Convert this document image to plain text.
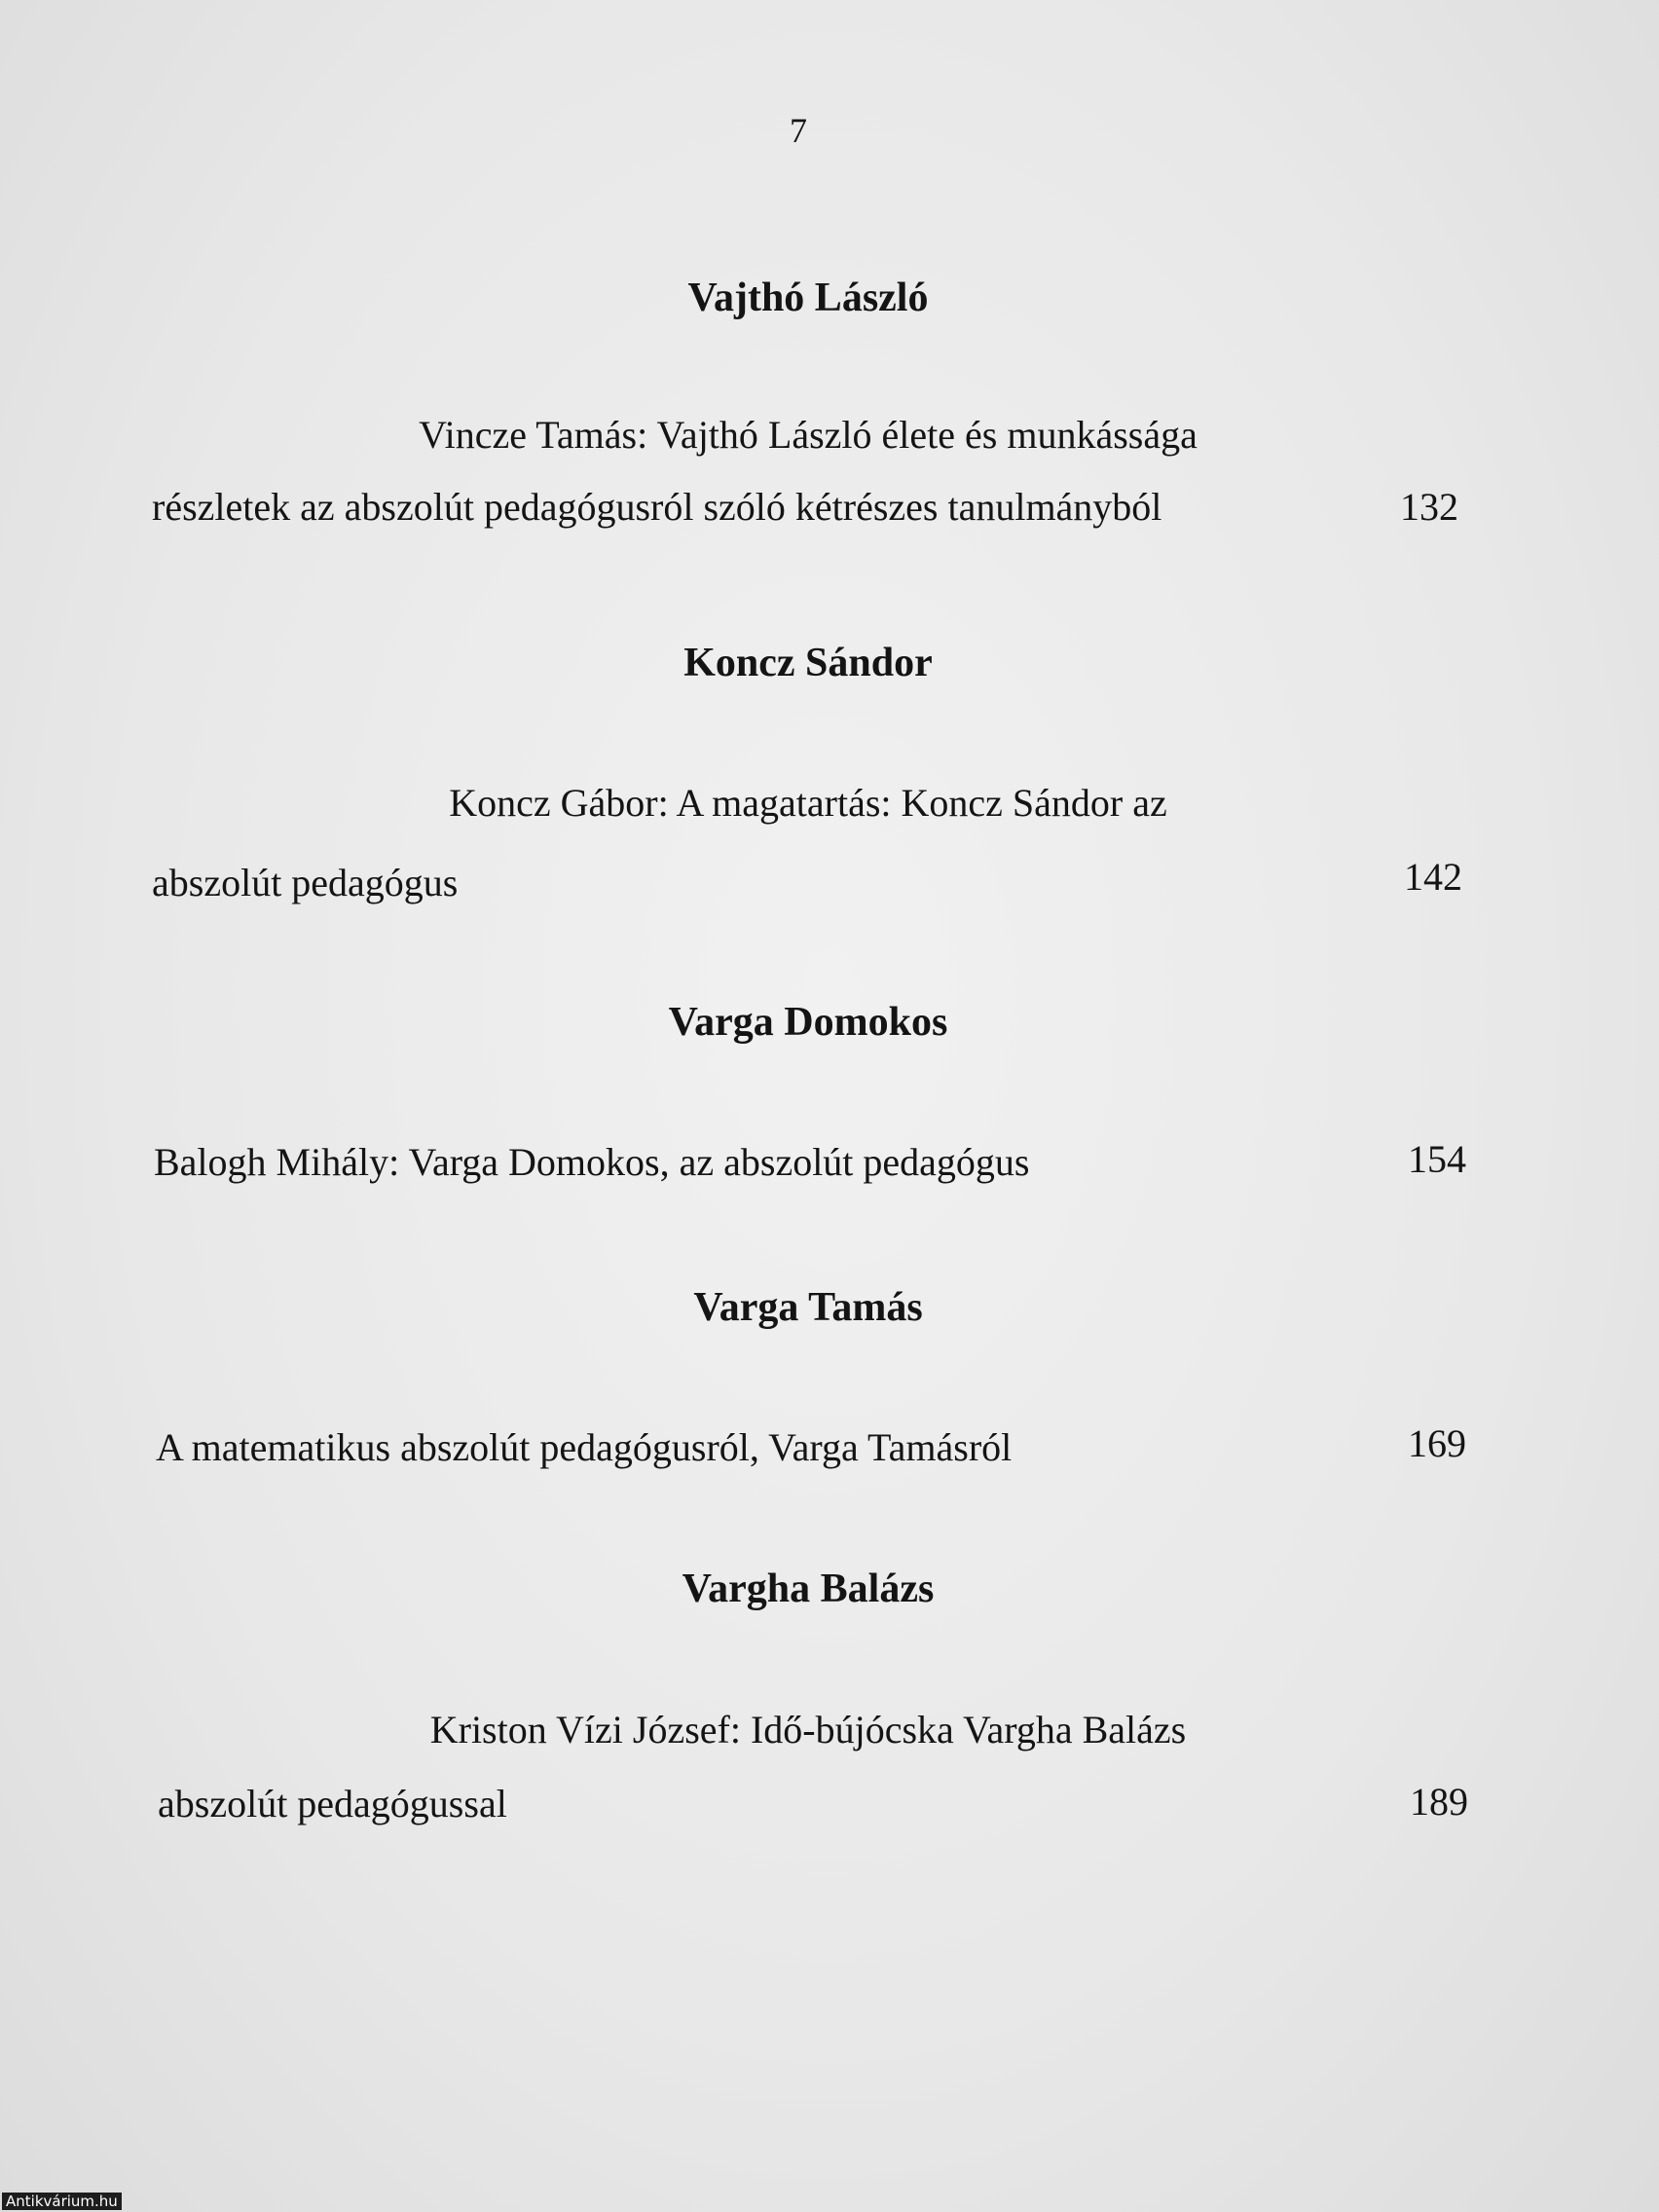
7
Vajthó László
Vincze Tamás: Vajthó László élete és munkássága
részletek az abszolút pedagógusról szóló kétrészes tanulmányból	132
Koncz Sándor
Koncz Gábor: A magatartás: Koncz Sándor az
abszolút pedagógus	142
Varga Domokos
Balogh Mihály: Varga Domokos, az abszolút pedagógus	154
Varga Tamás
A matematikus abszolút pedagógusról, Varga Tamásról	169
Vargha Balázs
Kriston Vízi József: Idő-bújócska Vargha Balázs
abszolút pedagógussal	189
Antikvárium.hu
